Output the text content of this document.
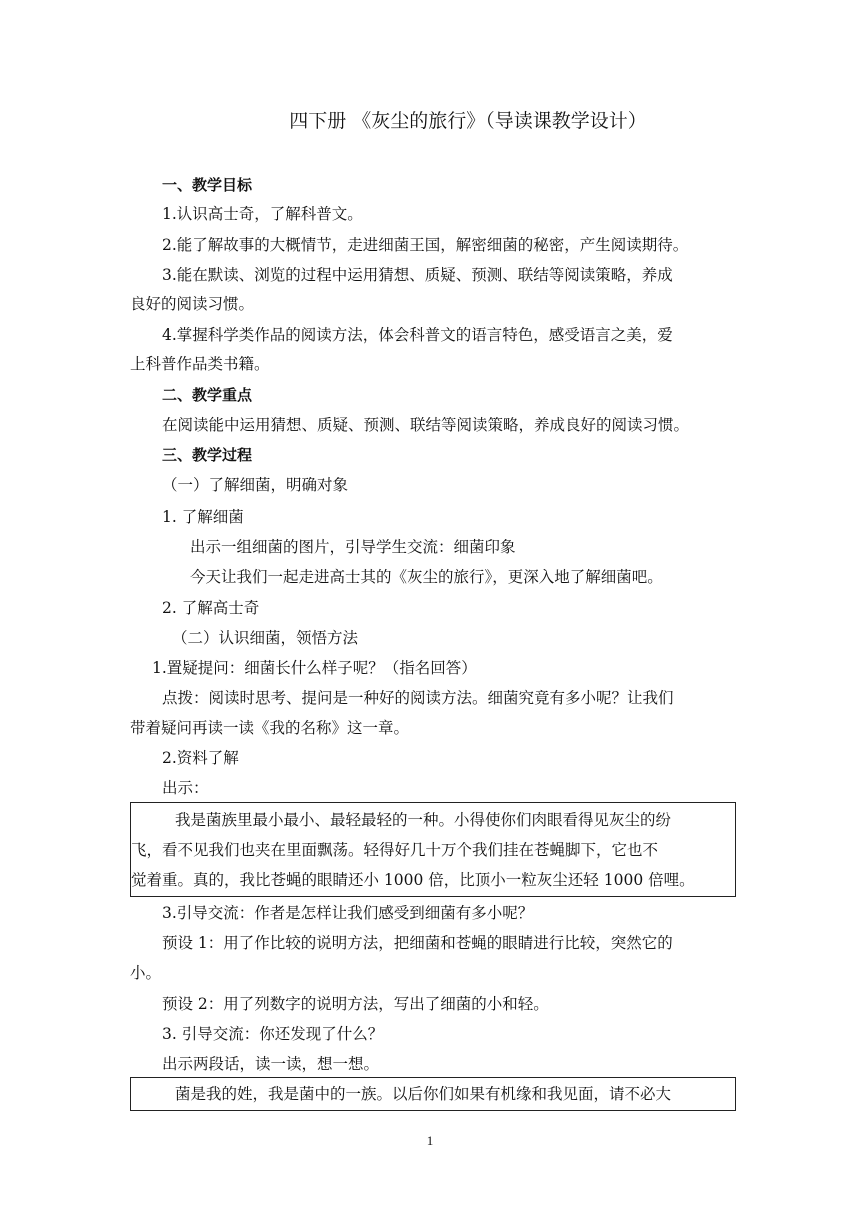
四下册 《灰尘的旅行》（导读课教学设计）
一、教学目标
1.认识高士奇，了解科普文。
2.能了解故事的大概情节，走进细菌王国，解密细菌的秘密，产生阅读期待。
3.能在默读、浏览的过程中运用猜想、质疑、预测、联结等阅读策略，养成
良好的阅读习惯。
4.掌握科学类作品的阅读方法，体会科普文的语言特色，感受语言之美，爱
上科普作品类书籍。
二、教学重点
在阅读能中运用猜想、质疑、预测、联结等阅读策略，养成良好的阅读习惯。
三、教学过程
（一）了解细菌，明确对象
1. 了解细菌
出示一组细菌的图片，引导学生交流：细菌印象
今天让我们一起走进高士其的《灰尘的旅行》，更深入地了解细菌吧。
2. 了解高士奇
（二）认识细菌，领悟方法
1.置疑提问：细菌长什么样子呢？（指名回答）
点拨：阅读时思考、提问是一种好的阅读方法。细菌究竟有多小呢？让我们
带着疑问再读一读《我的名称》这一章。
2.资料了解
出示：
我是菌族里最小最小、最轻最轻的一种。小得使你们肉眼看得见灰尘的纷
飞，看不见我们也夹在里面飘荡。轻得好几十万个我们挂在苍蝇脚下，它也不
觉着重。真的，我比苍蝇的眼睛还小 1000 倍，比顶小一粒灰尘还轻 1000 倍哩。
3.引导交流：作者是怎样让我们感受到细菌有多小呢？
预设 1：用了作比较的说明方法，把细菌和苍蝇的眼睛进行比较，突然它的
小。
预设 2：用了列数字的说明方法，写出了细菌的小和轻。
3. 引导交流：你还发现了什么？
出示两段话，读一读，想一想。
菌是我的姓，我是菌中的一族。以后你们如果有机缘和我见面，请不必大
1
